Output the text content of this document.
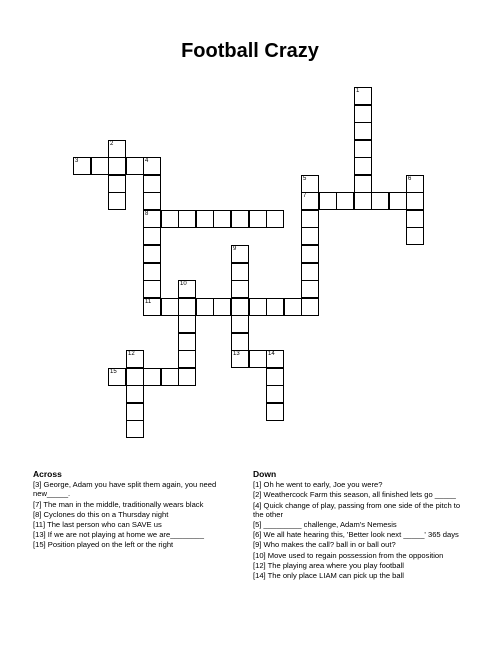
Football Crazy
1
2
3	4
8
11
5
7
6
9
13
10
12	14
15
Across
[3] George, Adam you have split them again, you need new_____.
[7] The man in the middle, traditionally wears black
[8] Cyclones do this on a Thursday night
[11] The last person who can SAVE us
[13] If we are not playing at home we are________
[15] Position played on the left or the right
Down
[1] Oh he went to early, Joe you were?
[2] Weathercock Farm this season, all finished lets go _____
[4] Quick change of play, passing from one side of the pitch to the other
[5] _________ challenge, Adam's Nemesis
[6] We all hate hearing this, 'Better look next _____' 365 days
[9] Who makes the call? ball in or ball out?
[10] Move used to regain possession from the opposition
[12] The playing area where you play football
[14] The only place LIAM can pick up the ball
